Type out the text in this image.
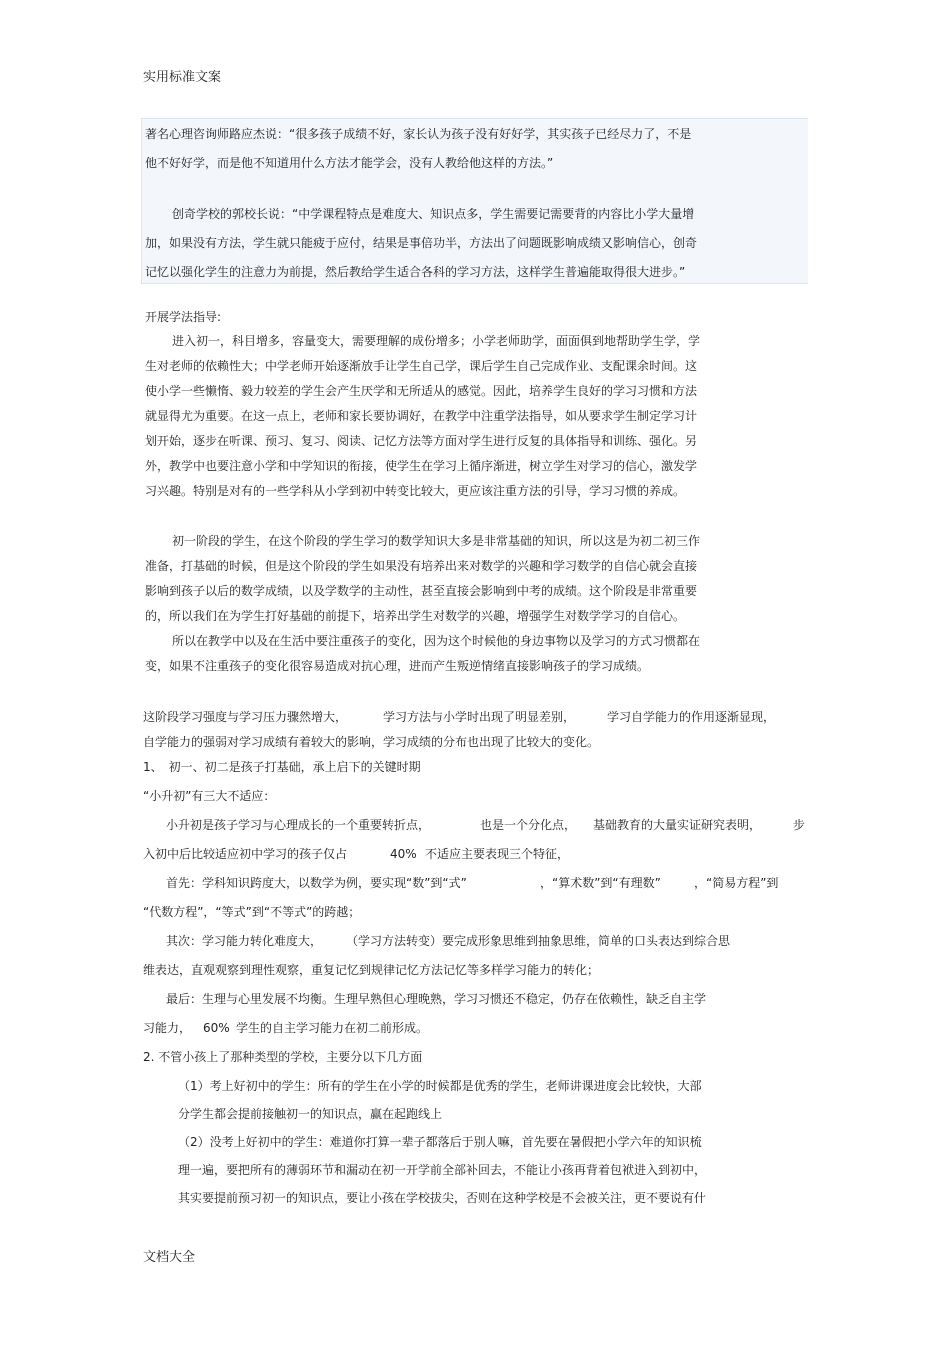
实用标准文案
著名心理咨询师路应杰说：“很多孩子成绩不好，家长认为孩子没有好好学，其实孩子已经尽力了，不是
他不好好学，而是他不知道用什么方法才能学会，没有人教给他这样的方法。”
创奇学校的郭校长说：“中学课程特点是难度大、知识点多，学生需要记需要背的内容比小学大量增
加，如果没有方法，学生就只能疲于应付，结果是事倍功半，方法出了问题既影响成绩又影响信心，创奇
记忆以强化学生的注意力为前提，然后教给学生适合各科的学习方法，这样学生普遍能取得很大进步。”
开展学法指导:
进入初一，科目增多，容量变大，需要理解的成份增多；小学老师助学，面面俱到地帮助学生学，学
生对老师的依赖性大；中学老师开始逐渐放手让学生自己学，课后学生自己完成作业、支配课余时间。这
使小学一些懒惰、毅力较差的学生会产生厌学和无所适从的感觉。因此，培养学生良好的学习习惯和方法
就显得尤为重要。在这一点上，老师和家长要协调好，在教学中注重学法指导，如从要求学生制定学习计
划开始，逐步在听课、预习、复习、阅读、记忆方法等方面对学生进行反复的具体指导和训练、强化。另
外，教学中也要注意小学和中学知识的衔接，使学生在学习上循序渐进，树立学生对学习的信心，激发学
习兴趣。特别是对有的一些学科从小学到初中转变比较大，更应该注重方法的引导，学习习惯的养成。
初一阶段的学生，在这个阶段的学生学习的数学知识大多是非常基础的知识，所以这是为初二初三作
准备，打基础的时候，但是这个阶段的学生如果没有培养出来对数学的兴趣和学习数学的自信心就会直接
影响到孩子以后的数学成绩，以及学数学的主动性，甚至直接会影响到中考的成绩。这个阶段是非常重要
的，所以我们在为学生打好基础的前提下，培养出学生对数学的兴趣，增强学生对数学学习的自信心。
所以在教学中以及在生活中要注重孩子的变化，因为这个时候他的身边事物以及学习的方式习惯都在
变，如果不注重孩子的变化很容易造成对抗心理，进而产生叛逆情绪直接影响孩子的学习成绩。
这阶段学习强度与学习压力骤然增大，	学习方法与小学时出现了明显差别，	学习自学能力的作用逐渐显现，
自学能力的强弱对学习成绩有着较大的影响，学习成绩的分布也出现了比较大的变化。
1、　初一、初二是孩子打基础，承上启下的关键时期
“小升初”有三大不适应：
小升初是孩子学习与心理成长的一个重要转折点，	也是一个分化点， 基础教育的大量实证研究表明，	步
入初中后比较适应初中学习的孩子仅占	40% 不适应主要表现三个特征，
首先：学科知识跨度大，以数学为例，要实现“数”到“式”	，“算术数”到“有理数”	，“简易方程”到
“代数方程”，“等式”到“不等式”的跨越；
其次：学习能力转化难度大， （学习方法转变）要完成形象思维到抽象思维，简单的口头表达到综合思
维表达，直观观察到理性观察，重复记忆到规律记忆方法记忆等多样学习能力的转化；
最后：生理与心里发展不均衡。生理早熟但心理晚熟，学习习惯还不稳定，仍存在依赖性，缺乏自主学
习能力， 60% 学生的自主学习能力在初二前形成。
2. 不管小孩上了那种类型的学校，主要分以下几方面
（1）考上好初中的学生：所有的学生在小学的时候都是优秀的学生，老师讲课进度会比较快，大部
分学生都会提前接触初一的知识点，赢在起跑线上
（2）没考上好初中的学生：难道你打算一辈子都落后于别人嘛，首先要在暑假把小学六年的知识梳
理一遍，要把所有的薄弱环节和漏动在初一开学前全部补回去，不能让小孩再背着包袱进入到初中，
其实要提前预习初一的知识点，要让小孩在学校拔尖，否则在这种学校是不会被关注，更不要说有什
文档大全
